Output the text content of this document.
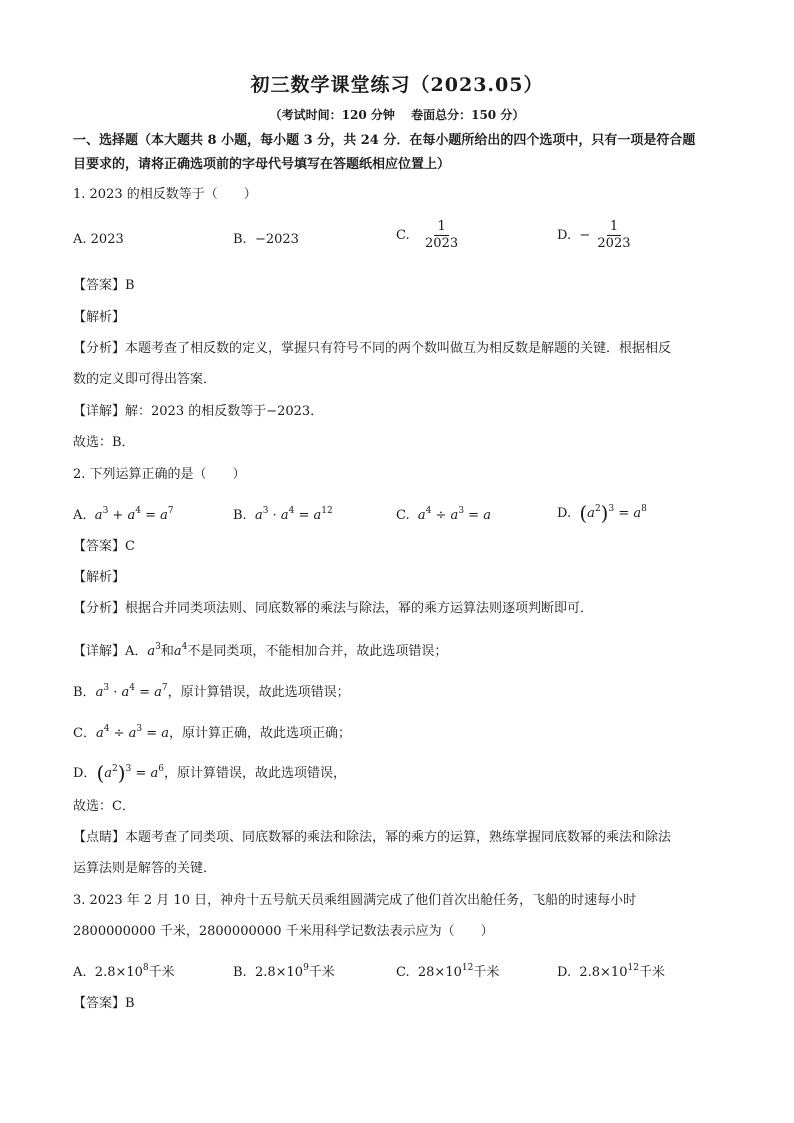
初三数学课堂练习（2023.05）
（考试时间：120 分钟 卷面总分：150 分）
一、选择题（本大题共 8 小题，每小题 3 分，共 24 分．在每小题所给出的四个选项中，只有一项是符合题
目要求的，请将正确选项前的字母代号填写在答题纸相应位置上）
1. 2023 的相反数等于（　　）
A. 2023	B. −2023	C. $\frac{1}{2023}$	D. − $\frac{1}{2023}$
【答案】B
【解析】
【分析】本题考查了相反数的定义，掌握只有符号不同的两个数叫做互为相反数是解题的关键．根据相反
数的定义即可得出答案．
【详解】解：2023 的相反数等于−2023．
故选：B．
2. 下列运算正确的是（　　）
A. $a^3 + a^4 = a^7$	B. $a^3 \cdot a^4 = a^{12}$	C. $a^4 \div a^3 = a$	D. $(a^2)^3 = a^8$
【答案】C
【解析】
【分析】根据合并同类项法则、同底数幂的乘法与除法，幂的乘方运算法则逐项判断即可．
【详解】A．$a^3$和$a^4$不是同类项，不能相加合并，故此选项错误；
B．$a^3 \cdot a^4 = a^7$，原计算错误，故此选项错误；
C．$a^4 \div a^3 = a$，原计算正确，故此选项正确；
D．$(a^2)^3 = a^6$，原计算错误，故此选项错误，
故选：C．
【点睛】本题考查了同类项、同底数幂的乘法和除法，幂的乘方的运算，熟练掌握同底数幂的乘法和除法
运算法则是解答的关键．
3. 2023 年 2 月 10 日，神舟十五号航天员乘组圆满完成了他们首次出舱任务，飞船的时速每小时
2800000000 千米，2800000000 千米用科学记数法表示应为（　　）
A. $2.8\times 10^8$千米	B. $2.8\times 10^9$千米	C. $28\times 10^{12}$千米	D. $2.8\times 10^{12}$千米
【答案】B
